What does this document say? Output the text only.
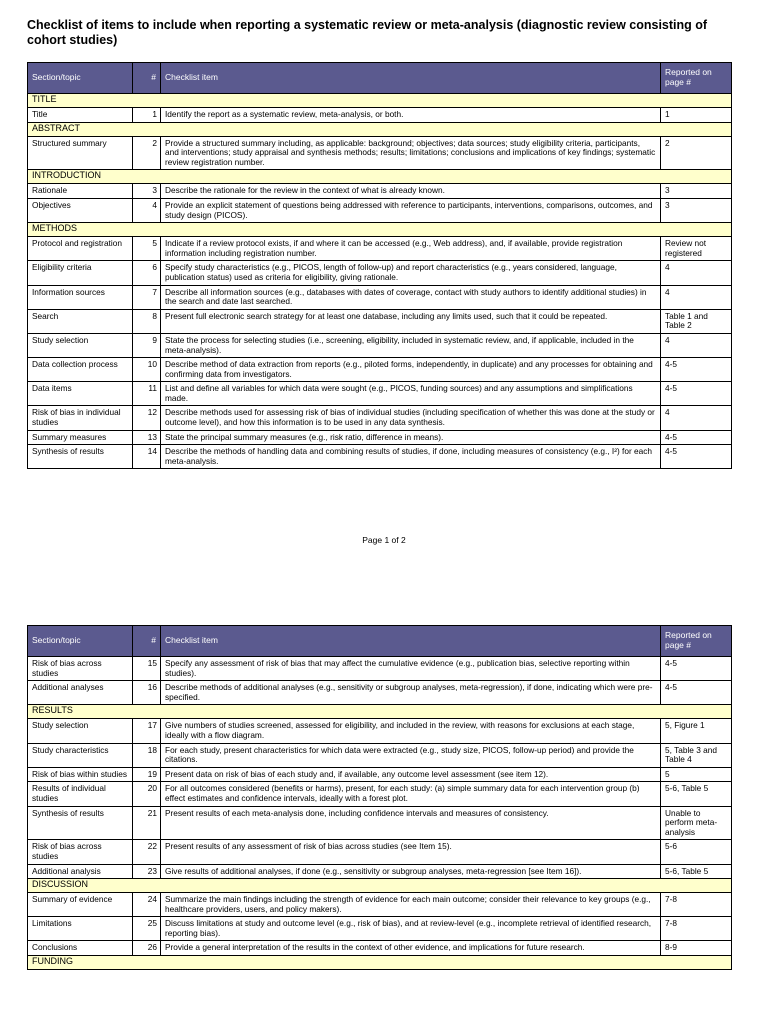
Checklist of items to include when reporting a systematic review or meta-analysis (diagnostic review consisting of cohort studies)
Section/topic	#	Checklist item	Reported on page #
TITLE			
Title	1	Identify the report as a systematic review, meta-analysis, or both.	1
ABSTRACT			
Structured summary	2	Provide a structured summary including, as applicable: background; objectives; data sources; study eligibility criteria, participants, and interventions; study appraisal and synthesis methods; results; limitations; conclusions and implications of key findings; systematic review registration number.	2
INTRODUCTION			
Rationale	3	Describe the rationale for the review in the context of what is already known.	3
Objectives	4	Provide an explicit statement of questions being addressed with reference to participants, interventions, comparisons, outcomes, and study design (PICOS).	3
METHODS			
Protocol and registration	5	Indicate if a review protocol exists, if and where it can be accessed (e.g., Web address), and, if available, provide registration information including registration number.	Review not registered
Eligibility criteria	6	Specify study characteristics (e.g., PICOS, length of follow-up) and report characteristics (e.g., years considered, language, publication status) used as criteria for eligibility, giving rationale.	4
Information sources	7	Describe all information sources (e.g., databases with dates of coverage, contact with study authors to identify additional studies) in the search and date last searched.	4
Search	8	Present full electronic search strategy for at least one database, including any limits used, such that it could be repeated.	Table 1 and Table 2
Study selection	9	State the process for selecting studies (i.e., screening, eligibility, included in systematic review, and, if applicable, included in the meta-analysis).	4
Data collection process	10	Describe method of data extraction from reports (e.g., piloted forms, independently, in duplicate) and any processes for obtaining and confirming data from investigators.	4-5
Data items	11	List and define all variables for which data were sought (e.g., PICOS, funding sources) and any assumptions and simplifications made.	4-5
Risk of bias in individual studies	12	Describe methods used for assessing risk of bias of individual studies (including specification of whether this was done at the study or outcome level), and how this information is to be used in any data synthesis.	4
Summary measures	13	State the principal summary measures (e.g., risk ratio, difference in means).	4-5
Synthesis of results	14	Describe the methods of handling data and combining results of studies, if done, including measures of consistency (e.g., I²) for each meta-analysis.	4-5
Page 1 of 2
Section/topic	#	Checklist item	Reported on page #
Risk of bias across studies	15	Specify any assessment of risk of bias that may affect the cumulative evidence (e.g., publication bias, selective reporting within studies).	4-5
Additional analyses	16	Describe methods of additional analyses (e.g., sensitivity or subgroup analyses, meta-regression), if done, indicating which were pre-specified.	4-5
RESULTS			
Study selection	17	Give numbers of studies screened, assessed for eligibility, and included in the review, with reasons for exclusions at each stage, ideally with a flow diagram.	5, Figure 1
Study characteristics	18	For each study, present characteristics for which data were extracted (e.g., study size, PICOS, follow-up period) and provide the citations.	5, Table 3 and Table 4
Risk of bias within studies	19	Present data on risk of bias of each study and, if available, any outcome level assessment (see item 12).	5
Results of individual studies	20	For all outcomes considered (benefits or harms), present, for each study: (a) simple summary data for each intervention group (b) effect estimates and confidence intervals, ideally with a forest plot.	5-6, Table 5
Synthesis of results	21	Present results of each meta-analysis done, including confidence intervals and measures of consistency.	Unable to perform meta-analysis
Risk of bias across studies	22	Present results of any assessment of risk of bias across studies (see Item 15).	5-6
Additional analysis	23	Give results of additional analyses, if done (e.g., sensitivity or subgroup analyses, meta-regression [see Item 16]).	5-6, Table 5
DISCUSSION			
Summary of evidence	24	Summarize the main findings including the strength of evidence for each main outcome; consider their relevance to key groups (e.g., healthcare providers, users, and policy makers).	7-8
Limitations	25	Discuss limitations at study and outcome level (e.g., risk of bias), and at review-level (e.g., incomplete retrieval of identified research, reporting bias).	7-8
Conclusions	26	Provide a general interpretation of the results in the context of other evidence, and implications for future research.	8-9
FUNDING			
